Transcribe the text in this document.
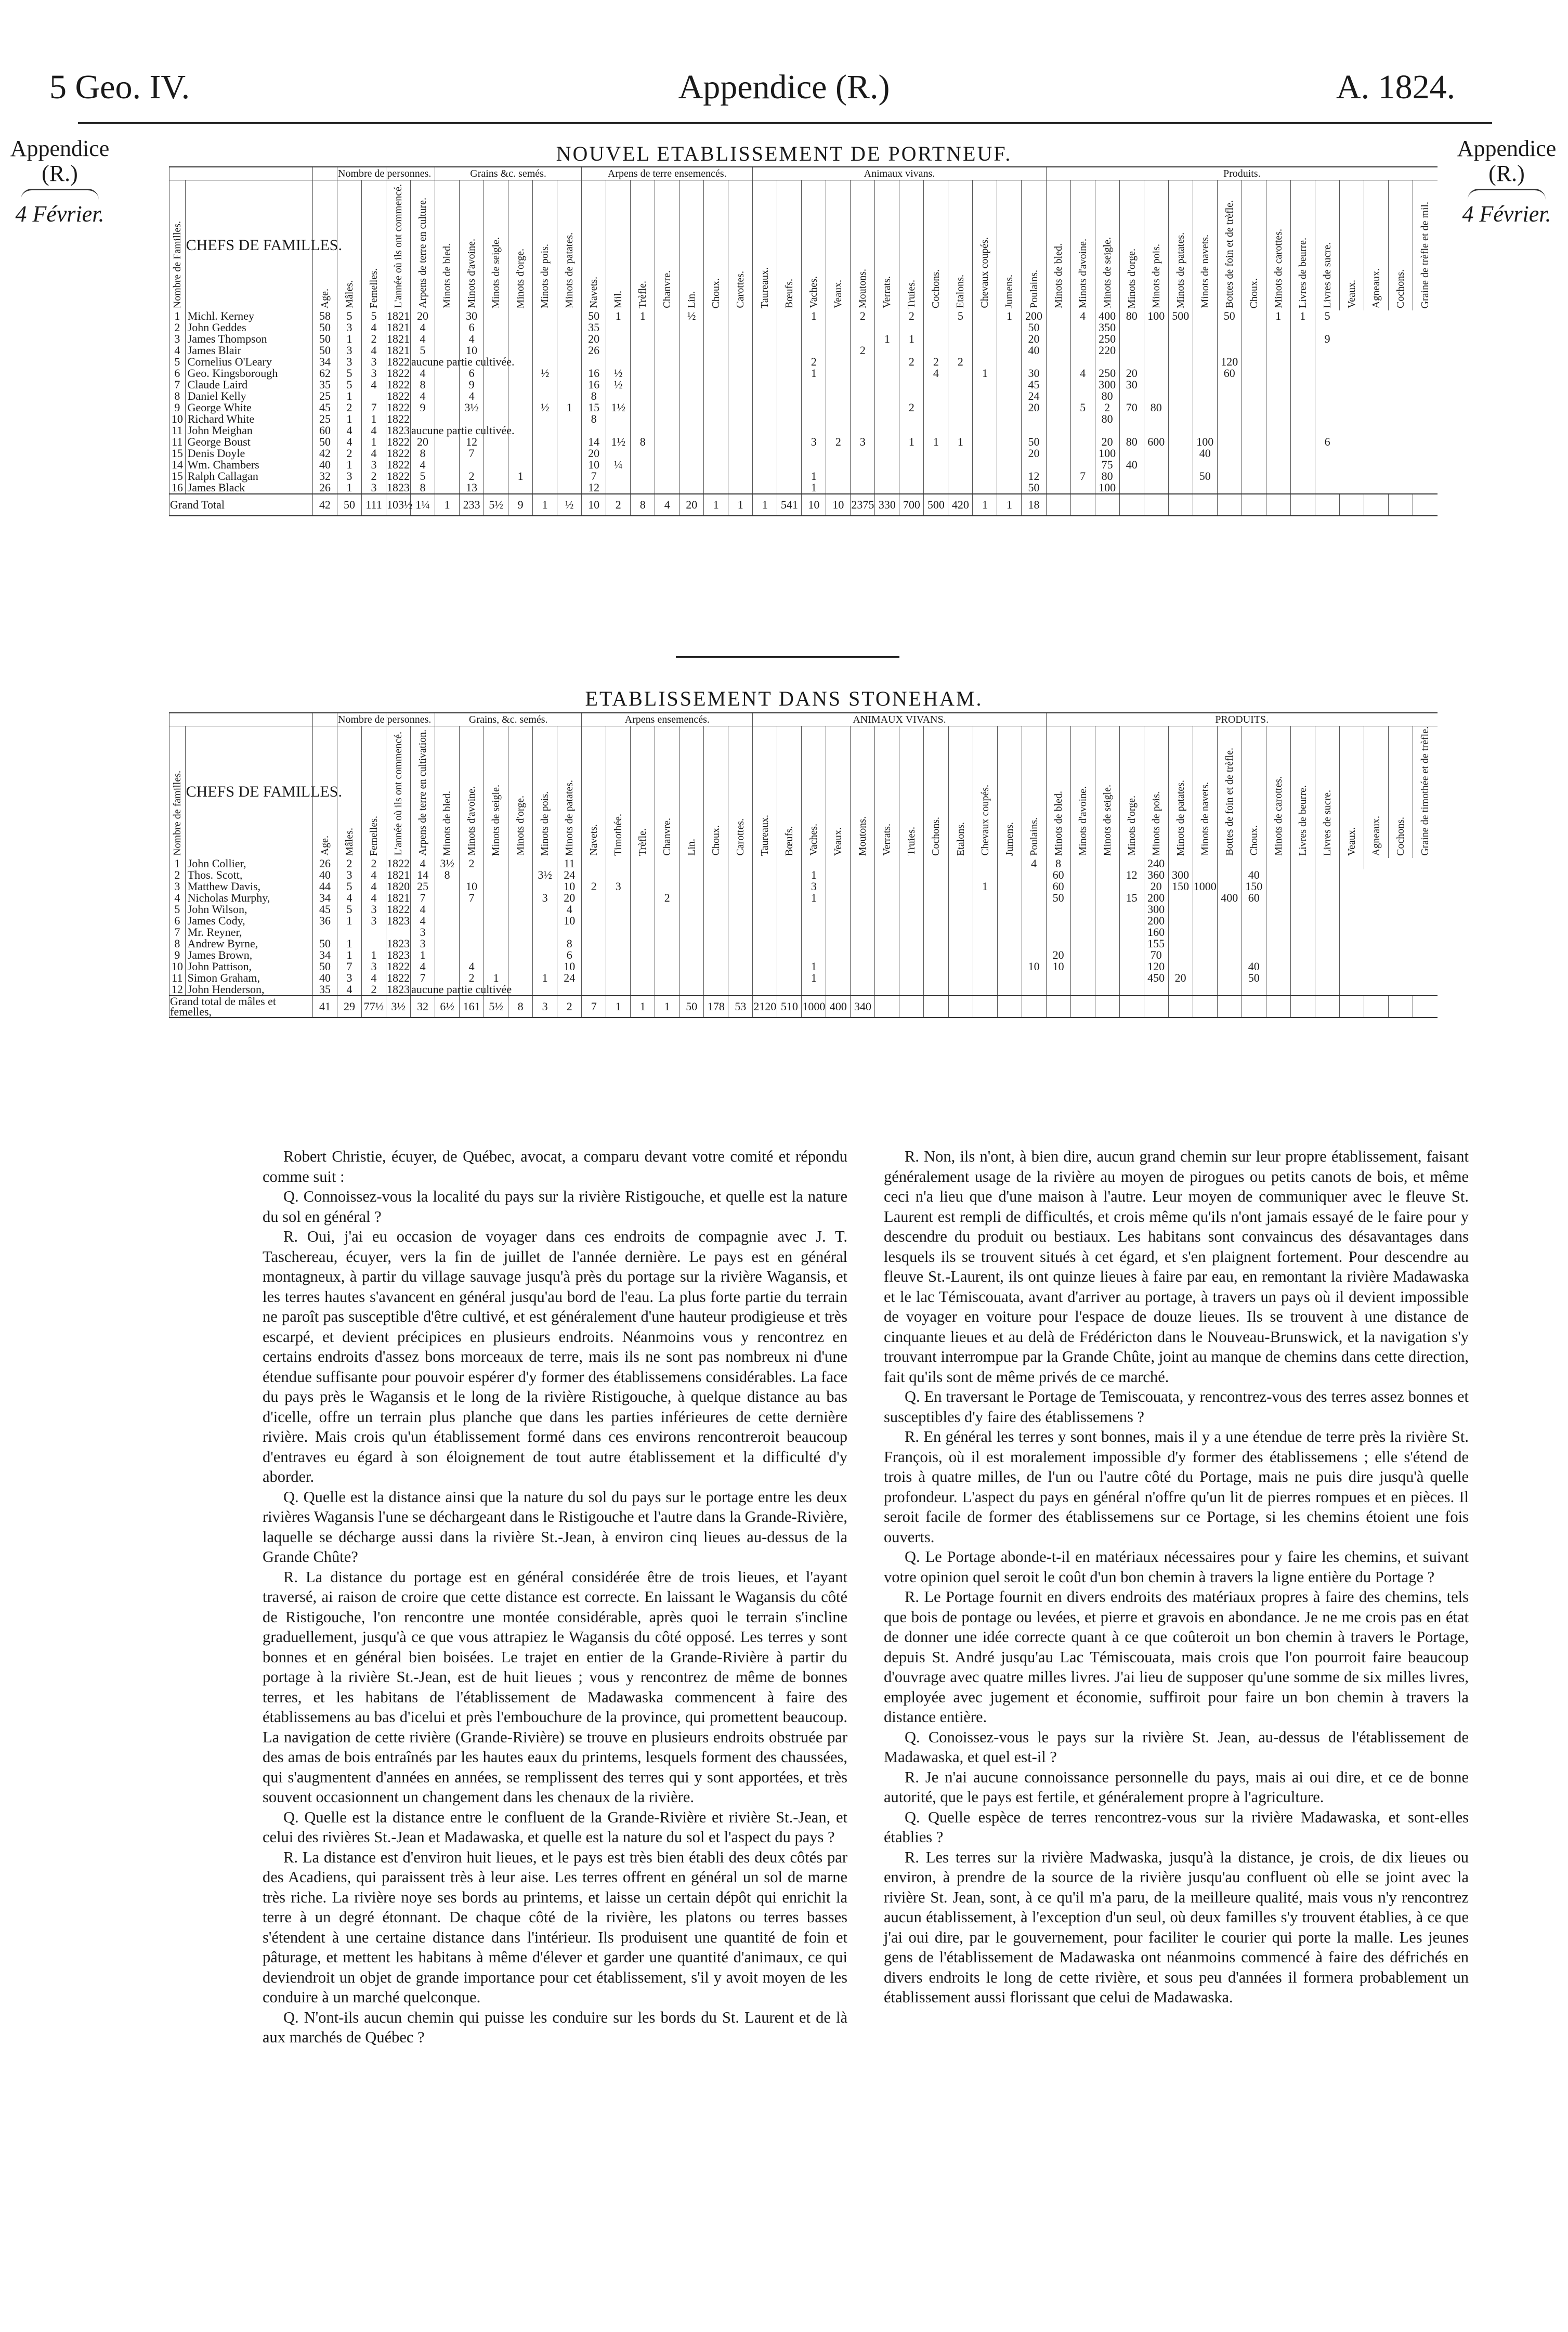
5 Geo. IV.	Appendice (R.)	A. 1824.
Appendice
(R.)
4 Février.
Appendice
(R.)
4 Février.
NOUVEL ETABLISSEMENT DE PORTNEUF.
			Nombre de personnes.				Grains &c. semés.						Arpens de terre ensemencés.							Animaux vivans.												Produits.															
Nombre de Familles.	CHEFS DE FAMILLES.	Age.	Mâles.	Femelles.	L'année où ils ont commencé.	Arpens de terre en culture.	Minots de bled.	Minots d'avoine.	Minots de seigle.	Minots d'orge.	Minots de pois.	Minots de patates.	Navets.	Mil.	Trèfle.	Chanvre.	Lin.	Choux.	Carottes.	Taureaux.	Bœufs.	Vaches.	Veaux.	Moutons.	Verrats.	Truies.	Cochons.	Etalons.	Chevaux coupés.	Jumens.	Poulains.	Minots de bled.	Minots d'avoine.	Minots de seigle.	Minots d'orge.	Minots de pois.	Minots de patates.	Minots de navets.	Bottes de foin et de trèfle.	Choux.	Minots de carottes.	Livres de beurre.	Livres de sucre.	Veaux.	Agneaux.	Cochons.	Graine de trèfle et de mil.
1	Michl. Kerney	58	5	5	1821	20		30					50	1	1		½					1		2		2		5		1	200		4	400	80	100	500		50		1	1	5				
2	John Geddes	50	3	4	1821	4		6					35																		50			350													
3	James Thompson	50	1	2	1821	4		4					20												1	1					20			250									9				
4	James Blair	50	3	4	1821	5		10					26											2							40			220													
5	Cornelius O'Leary	34	3	3	1822	aucune partie cultivée.																2				2	2	2											120								
6	Geo. Kingsborough	62	5	3	1822	4		6			½		16	½								1					4		1		30		4	250	20				60								
7	Claude Laird	35	5	4	1822	8		9					16	½																	45			300	30												
8	Daniel Kelly	25	1		1822	4		4					8																		24			80													
9	George White	45	2	7	1822	9		3½			½	1	15	1½												2					20		5	2	70	80											
10	Richard White	25	1	1	1822								8																					80													
11	John Meighan	60	4	4	1823	aucune partie cultivée.																																									
11	George Boust	50	4	1	1822	20		12					14	1½	8							3	2	3		1	1	1			50			20	80	600		100					6				
15	Denis Doyle	42	2	4	1822	8		7					20																		20			100				40									
14	Wm. Chambers	40	1	3	1822	4							10	¼																				75	40												
15	Ralph Callagan	32	3	2	1822	5		2		1			7									1									12		7	80				50									
16	James Black	26	1	3	1823	8		13					12									1									50			100													
Grand Total		42	50	111	103½	1¼	1	233	5½	9	1	½	10	2	8	4	20	1	1	1	541	10	10	2375	330	700	500	420	1	1	18																
ETABLISSEMENT DANS STONEHAM.
			Nombre de personnes.				Grains, &c. semés.						Arpens ensemencés.							ANIMAUX VIVANS.												PRODUITS.															
Nombre de familles.	CHEFS DE FAMILLES.	Age.	Mâles.	Femelles.	L'année où ils ont commencé.	Arpens de terre en cultivation.	Minots de bled.	Minots d'avoine.	Minots de seigle.	Minots d'orge.	Minots de pois.	Minots de patates.	Navets.	Timothée.	Trèfle.	Chanvre.	Lin.	Choux.	Carottes.	Taureaux.	Bœufs.	Vaches.	Veaux.	Moutons.	Verrats.	Truies.	Cochons.	Etalons.	Chevaux coupés.	Jumens.	Poulains.	Minots de bled.	Minots d'avoine.	Minots de seigle.	Minots d'orge.	Minots de pois.	Minots de patates.	Minots de navets.	Bottes de foin et de trèfle.	Choux.	Minots de carottes.	Livres de beurre.	Livres de sucre.	Veaux.	Agneaux.	Cochons.	Graine de timothée et de trèfle.
1	John Collier,	26	2	2	1822	4	3½	2				11																			4	8				240											
2	Thos. Scott,	40	3	4	1821	14	8				3½	24										1										60			12	360	300			40							
3	Matthew Davis,	44	5	4	1820	25		10				10	2	3								3							1			60				20	150	1000		150							
4	Nicholas Murphy,	34	4	4	1821	7		7			3	20				2						1										50			15	200			400	60							
5	John Wilson,	45	5	3	1822	4						4																								300											
6	James Cody,	36	1	3	1823	4						10																								200											
7	Mr. Reyner,					3																														160											
8	Andrew Byrne,	50	1		1823	3						8																								155											
9	James Brown,	34	1	1	1823	1						6																				20				70											
10	John Pattison,	50	7	3	1822	4		4				10										1									10	10				120				40							
11	Simon Graham,	40	3	4	1822	7		2	1		1	24										1														450	20			50							
12	John Henderson,	35	4	2	1823	aucune partie cultivée																																									
Grand total de mâles et femelles,		41	29	77½	3½	32	6½	161	5½	8	3	2	7	1	1	1	50	178	53	2120	510	1000	400	340																							

Robert Christie, écuyer, de Québec, avocat, a comparu devant votre comité et répondu comme suit :

Q. Connoissez-vous la localité du pays sur la rivière Ristigouche, et quelle est la nature du sol en général ?

R. Oui, j'ai eu occasion de voyager dans ces endroits de compagnie avec J. T. Taschereau, écuyer, vers la fin de juillet de l'année dernière. Le pays est en général montagneux, à partir du village sauvage jusqu'à près du portage sur la rivière Wagansis, et les terres hautes s'avancent en général jusqu'au bord de l'eau. La plus forte partie du terrain ne paroît pas susceptible d'être cultivé, et est généralement d'une hauteur prodigieuse et très escarpé, et devient précipices en plusieurs endroits. Néanmoins vous y rencontrez en certains endroits d'assez bons morceaux de terre, mais ils ne sont pas nombreux ni d'une étendue suffisante pour pouvoir espérer d'y former des établissemens considérables. La face du pays près le Wagansis et le long de la rivière Ristigouche, à quelque distance au bas d'icelle, offre un terrain plus planche que dans les parties inférieures de cette dernière rivière. Mais crois qu'un établissement formé dans ces environs rencontreroit beaucoup d'entraves eu égard à son éloignement de tout autre établissement et la difficulté d'y aborder.

Q. Quelle est la distance ainsi que la nature du sol du pays sur le portage entre les deux rivières Wagansis l'une se déchargeant dans le Ristigouche et l'autre dans la Grande-Rivière, laquelle se décharge aussi dans la rivière St.-Jean, à environ cinq lieues au-dessus de la Grande Chûte?

R. La distance du portage est en général considérée être de trois lieues, et l'ayant traversé, ai raison de croire que cette distance est correcte. En laissant le Wagansis du côté de Ristigouche, l'on rencontre une montée considérable, après quoi le terrain s'incline graduellement, jusqu'à ce que vous attrapiez le Wagansis du côté opposé. Les terres y sont bonnes et en général bien boisées. Le trajet en entier de la Grande-Rivière à partir du portage à la rivière St.-Jean, est de huit lieues ; vous y rencontrez de même de bonnes terres, et les habitans de l'établissement de Madawaska commencent à faire des établissemens au bas d'icelui et près l'embouchure de la province, qui promettent beaucoup. La navigation de cette rivière (Grande-Rivière) se trouve en plusieurs endroits obstruée par des amas de bois entraînés par les hautes eaux du printems, lesquels forment des chaussées, qui s'augmentent d'années en années, se remplissent des terres qui y sont apportées, et très souvent occasionnent un changement dans les chenaux de la rivière.

Q. Quelle est la distance entre le confluent de la Grande-Rivière et rivière St.-Jean, et celui des rivières St.-Jean et Madawaska, et quelle est la nature du sol et l'aspect du pays ?

R. La distance est d'environ huit lieues, et le pays est très bien établi des deux côtés par des Acadiens, qui paraissent très à leur aise. Les terres offrent en général un sol de marne très riche. La rivière noye ses bords au printems, et laisse un certain dépôt qui enrichit la terre à un degré étonnant. De chaque côté de la rivière, les platons ou terres basses s'étendent à une certaine distance dans l'intérieur. Ils produisent une quantité de foin et pâturage, et mettent les habitans à même d'élever et garder une quantité d'animaux, ce qui deviendroit un objet de grande importance pour cet établissement, s'il y avoit moyen de les conduire à un marché quelconque.

Q. N'ont-ils aucun chemin qui puisse les conduire sur les bords du St. Laurent et de là aux marchés de Québec ?

R. Non, ils n'ont, à bien dire, aucun grand chemin sur leur propre établissement, faisant généralement usage de la rivière au moyen de pirogues ou petits canots de bois, et même ceci n'a lieu que d'une maison à l'autre. Leur moyen de communiquer avec le fleuve St. Laurent est rempli de difficultés, et crois même qu'ils n'ont jamais essayé de le faire pour y descendre du produit ou bestiaux. Les habitans sont convaincus des désavantages dans lesquels ils se trouvent situés à cet égard, et s'en plaignent fortement. Pour descendre au fleuve St.-Laurent, ils ont quinze lieues à faire par eau, en remontant la rivière Madawaska et le lac Témiscouata, avant d'arriver au portage, à travers un pays où il devient impossible de voyager en voiture pour l'espace de douze lieues. Ils se trouvent à une distance de cinquante lieues et au delà de Frédéricton dans le Nouveau-Brunswick, et la navigation s'y trouvant interrompue par la Grande Chûte, joint au manque de chemins dans cette direction, fait qu'ils sont de même privés de ce marché.

Q. En traversant le Portage de Temiscouata, y rencontrez-vous des terres assez bonnes et susceptibles d'y faire des établissemens ?

R. En général les terres y sont bonnes, mais il y a une étendue de terre près la rivière St. François, où il est moralement impossible d'y former des établissemens ; elle s'étend de trois à quatre milles, de l'un ou l'autre côté du Portage, mais ne puis dire jusqu'à quelle profondeur. L'aspect du pays en général n'offre qu'un lit de pierres rompues et en pièces. Il seroit facile de former des établissemens sur ce Portage, si les chemins étoient une fois ouverts.

Q. Le Portage abonde-t-il en matériaux nécessaires pour y faire les chemins, et suivant votre opinion quel seroit le coût d'un bon chemin à travers la ligne entière du Portage ?

R. Le Portage fournit en divers endroits des matériaux propres à faire des chemins, tels que bois de pontage ou levées, et pierre et gravois en abondance. Je ne me crois pas en état de donner une idée correcte quant à ce que coûteroit un bon chemin à travers le Portage, depuis St. André jusqu'au Lac Témiscouata, mais crois que l'on pourroit faire beaucoup d'ouvrage avec quatre milles livres. J'ai lieu de supposer qu'une somme de six milles livres, employée avec jugement et économie, suffiroit pour faire un bon chemin à travers la distance entière.

Q. Conoissez-vous le pays sur la rivière St. Jean, au-dessus de l'établissement de Madawaska, et quel est-il ?

R. Je n'ai aucune connoissance personnelle du pays, mais ai oui dire, et ce de bonne autorité, que le pays est fertile, et généralement propre à l'agriculture.

Q. Quelle espèce de terres rencontrez-vous sur la rivière Madawaska, et sont-elles établies ?

R. Les terres sur la rivière Madwaska, jusqu'à la distance, je crois, de dix lieues ou environ, à prendre de la source de la rivière jusqu'au confluent où elle se joint avec la rivière St. Jean, sont, à ce qu'il m'a paru, de la meilleure qualité, mais vous n'y rencontrez aucun établissement, à l'exception d'un seul, où deux familles s'y trouvent établies, à ce que j'ai oui dire, par le gouvernement, pour faciliter le courier qui porte la malle. Les jeunes gens de l'établissement de Madawaska ont néanmoins commencé à faire des défrichés en divers endroits le long de cette rivière, et sous peu d'années il formera probablement un établissement aussi florissant que celui de Madawaska.
